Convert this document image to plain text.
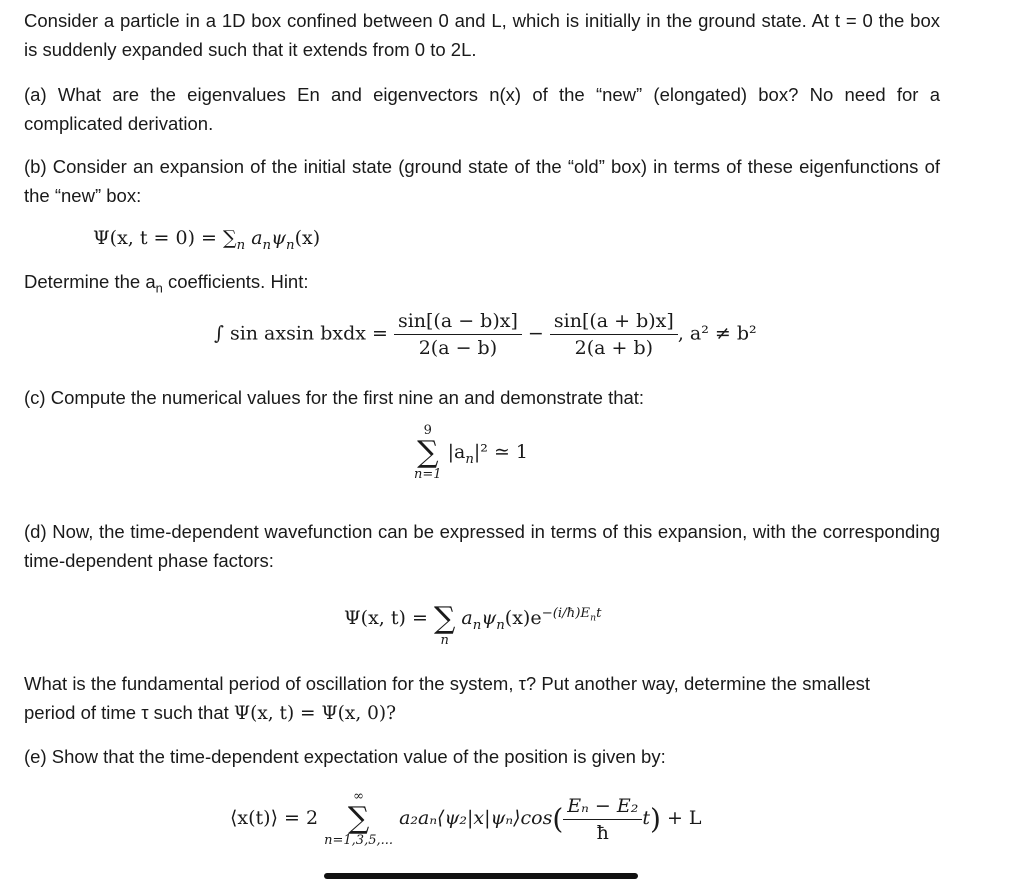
Consider a particle in a 1D box confined between 0 and L, which is initially in the ground state. At t = 0 the box is suddenly expanded such that it extends from 0 to 2L.

(a) What are the eigenvalues En and eigenvectors n(x) of the “new” (elongated) box? No need for a complicated derivation.

(b) Consider an expansion of the initial state (ground state of the “old” box) in terms of these eigenfunctions of the “new” box:

Ψ(x, $t = 0) = \sum_n$ $a_n\psi_n(x)$

Determine the $a_n$ coefficients. Hint:

∫ sin axsin bxdx = $\frac{\sin[(a - b)x]}{2(a - b)} - \frac{\sin[(a + b)x]}{2(a + b)}$ , a² ≠ b²

(c) Compute the numerical values for the first nine an and demonstrate that:

9
∑
n=1
$|a_n|^2$ ≃ 1

(d) Now, the time-dependent wavefunction can be expressed in terms of this expansion, with the corresponding time-dependent phase factors:

Ψ(x, t) = ∑
n
$a_n\psi_n(x)e^{-(i/ħ)E_nt}$

What is the fundamental period of oscillation for the system, τ? Put another way, determine the smallest

period of time τ such that Ψ(x, t) = Ψ(x, 0)?

(e) Show that the time-dependent expectation value of the position is given by:

⟨x(t)⟩ = 2
∞
∑
n=1,3,5,...
a₂aₙ⟨ψ₂|x|ψₙ⟩cos( $\frac{\text{Eₙ − E₂}}{ħ} t) + L$
